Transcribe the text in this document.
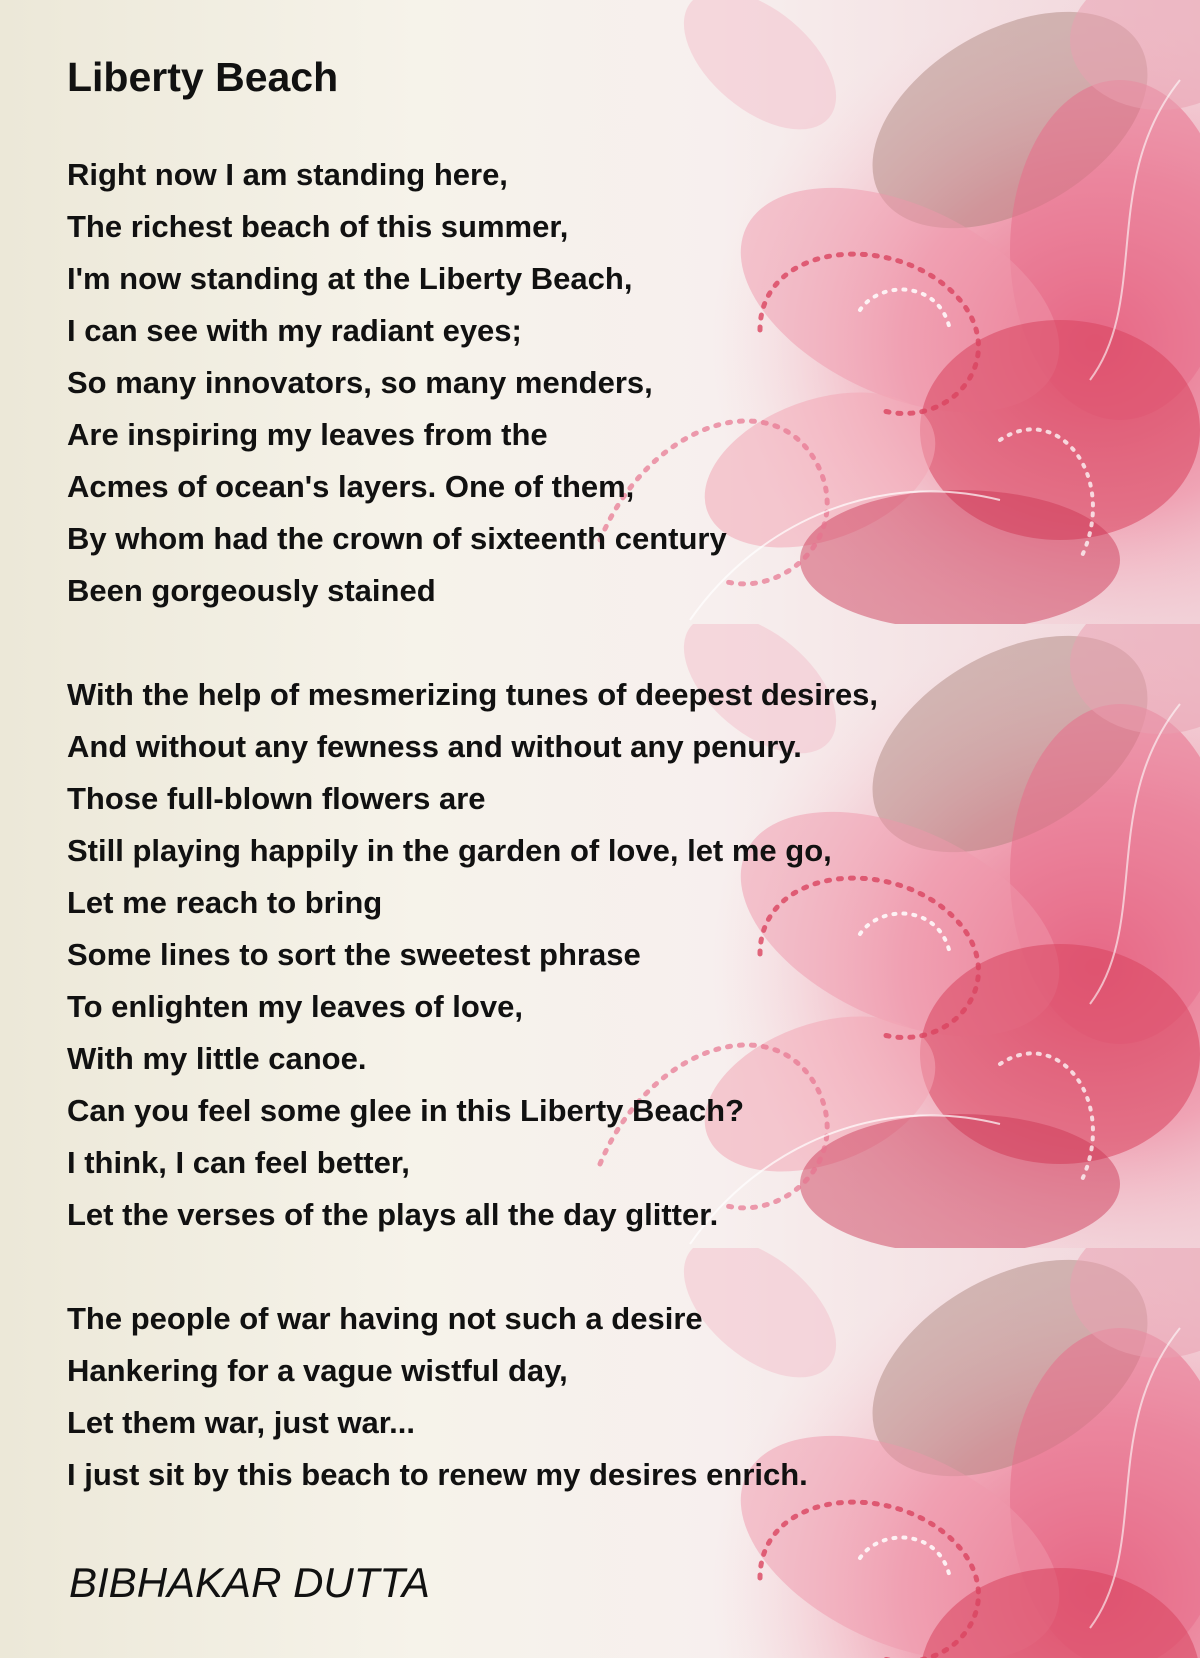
Liberty Beach
Right now I am standing here,
The richest beach of this summer,
I'm now standing at the Liberty Beach,
I can see with my radiant eyes;
So many innovators, so many menders,
Are inspiring my leaves from the
Acmes of ocean's layers. One of them,
By whom had the crown of sixteenth century
Been gorgeously stained
With the help of mesmerizing tunes of deepest desires,
And without any fewness and without any penury.
Those full-blown flowers are
Still playing happily in the garden of love, let me go,
Let me reach to bring
Some lines to sort the sweetest phrase
To enlighten my leaves of love,
With my little canoe.
Can you feel some glee in this Liberty Beach?
I think, I can feel better,
Let the verses of the plays all the day glitter.
The people of war having not such a desire
Hankering for a vague wistful day,
Let them war, just war...
I just sit by this beach to renew my desires enrich.
BIBHAKAR DUTTA
